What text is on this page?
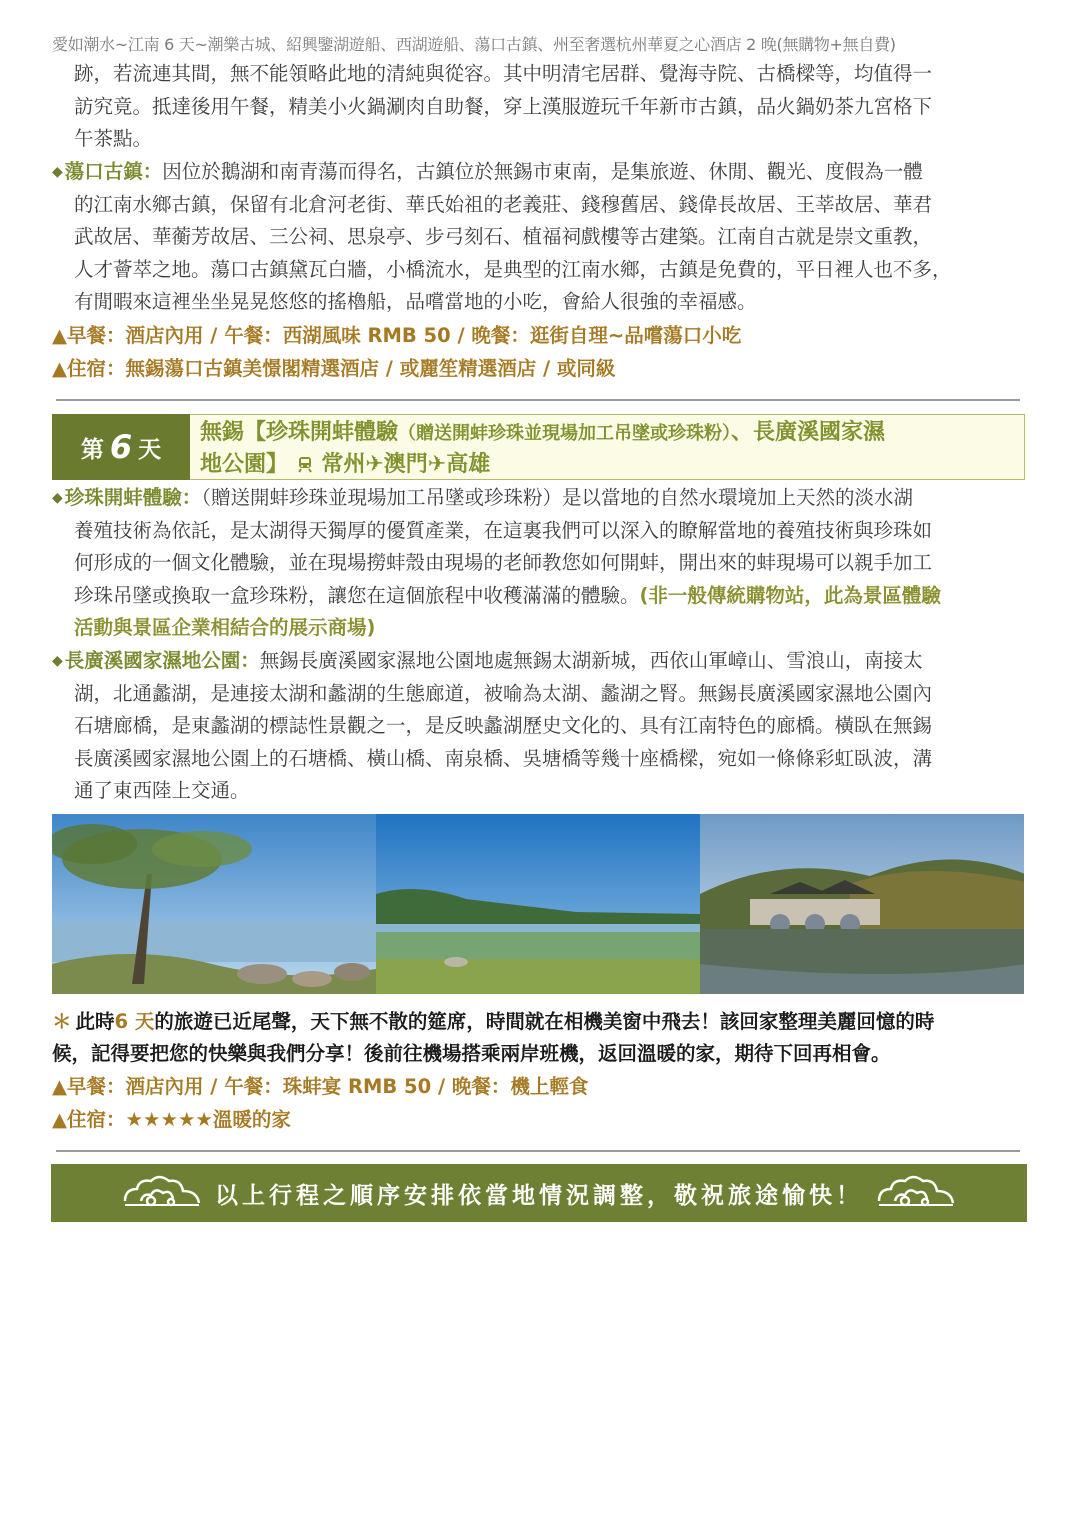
愛如潮水~江南 6 天~潮樂古城、紹興鑒湖遊船、西湖遊船、蕩口古鎮、州至奢選杭州華夏之心酒店 2 晚(無購物+無自費)
跡，若流連其間，無不能領略此地的清純與從容。其中明清宅居群、覺海寺院、古橋樑等，均值得一
訪究竟。抵達後用午餐，精美小火鍋涮肉自助餐，穿上漢服遊玩千年新市古鎮，品火鍋奶茶九宮格下
午茶點。
◆ 蕩口古鎮：因位於鵝湖和南青蕩而得名，古鎮位於無錫市東南，是集旅遊、休閒、觀光、度假為一體
的江南水鄉古鎮，保留有北倉河老街、華氏始祖的老義莊、錢穆舊居、錢偉長故居、王莘故居、華君
武故居、華蘅芳故居、三公祠、思泉亭、步弓刻石、植福祠戲樓等古建築。江南自古就是崇文重教，
人才薈萃之地。蕩口古鎮黛瓦白牆，小橋流水，是典型的江南水鄉，古鎮是免費的，平日裡人也不多，
有閒暇來這裡坐坐晃晃悠悠的搖櫓船，品嚐當地的小吃，會給人很強的幸福感。
▲早餐：酒店內用 / 午餐：西湖風味 RMB 50 / 晚餐：逛街自理~品嚐蕩口小吃
▲住宿：無錫蕩口古鎮美憬閣精選酒店 / 或麗笙精選酒店 / 或同級
第 6 天
無錫【珍珠開蚌體驗（贈送開蚌珍珠並現場加工吊墜或珍珠粉）、長廣溪國家濕
地公園】 常州✈澳門✈高雄
◆ 珍珠開蚌體驗：（贈送開蚌珍珠並現場加工吊墜或珍珠粉）是以當地的自然水環境加上天然的淡水湖
養殖技術為依託，是太湖得天獨厚的優質產業，在這裏我們可以深入的瞭解當地的養殖技術與珍珠如
何形成的一個文化體驗，並在現場撈蚌殼由現場的老師教您如何開蚌，開出來的蚌現場可以親手加工
珍珠吊墜或換取一盒珍珠粉，讓您在這個旅程中收穫滿滿的體驗。(非一般傳統購物站，此為景區體驗
活動與景區企業相結合的展示商場)
◆ 長廣溪國家濕地公園：無錫長廣溪國家濕地公園地處無錫太湖新城，西依山軍嶂山、雪浪山，南接太
湖，北通蠡湖，是連接太湖和蠡湖的生態廊道，被喻為太湖、蠡湖之腎。無錫長廣溪國家濕地公園內
石塘廊橋，是東蠡湖的標誌性景觀之一，是反映蠡湖歷史文化的、具有江南特色的廊橋。橫臥在無錫
長廣溪國家濕地公園上的石塘橋、橫山橋、南泉橋、吳塘橋等幾十座橋樑，宛如一條條彩虹臥波，溝
通了東西陸上交通。
＊ 此時6 天的旅遊已近尾聲，天下無不散的筵席，時間就在相機美窗中飛去！該回家整理美麗回憶的時
候，記得要把您的快樂與我們分享！後前往機場搭乘兩岸班機，返回溫暖的家，期待下回再相會。
▲早餐：酒店內用 / 午餐：珠蚌宴 RMB 50 / 晚餐：機上輕食
▲住宿：★★★★★溫暖的家
以上行程之順序安排依當地情況調整，敬祝旅途愉快！
